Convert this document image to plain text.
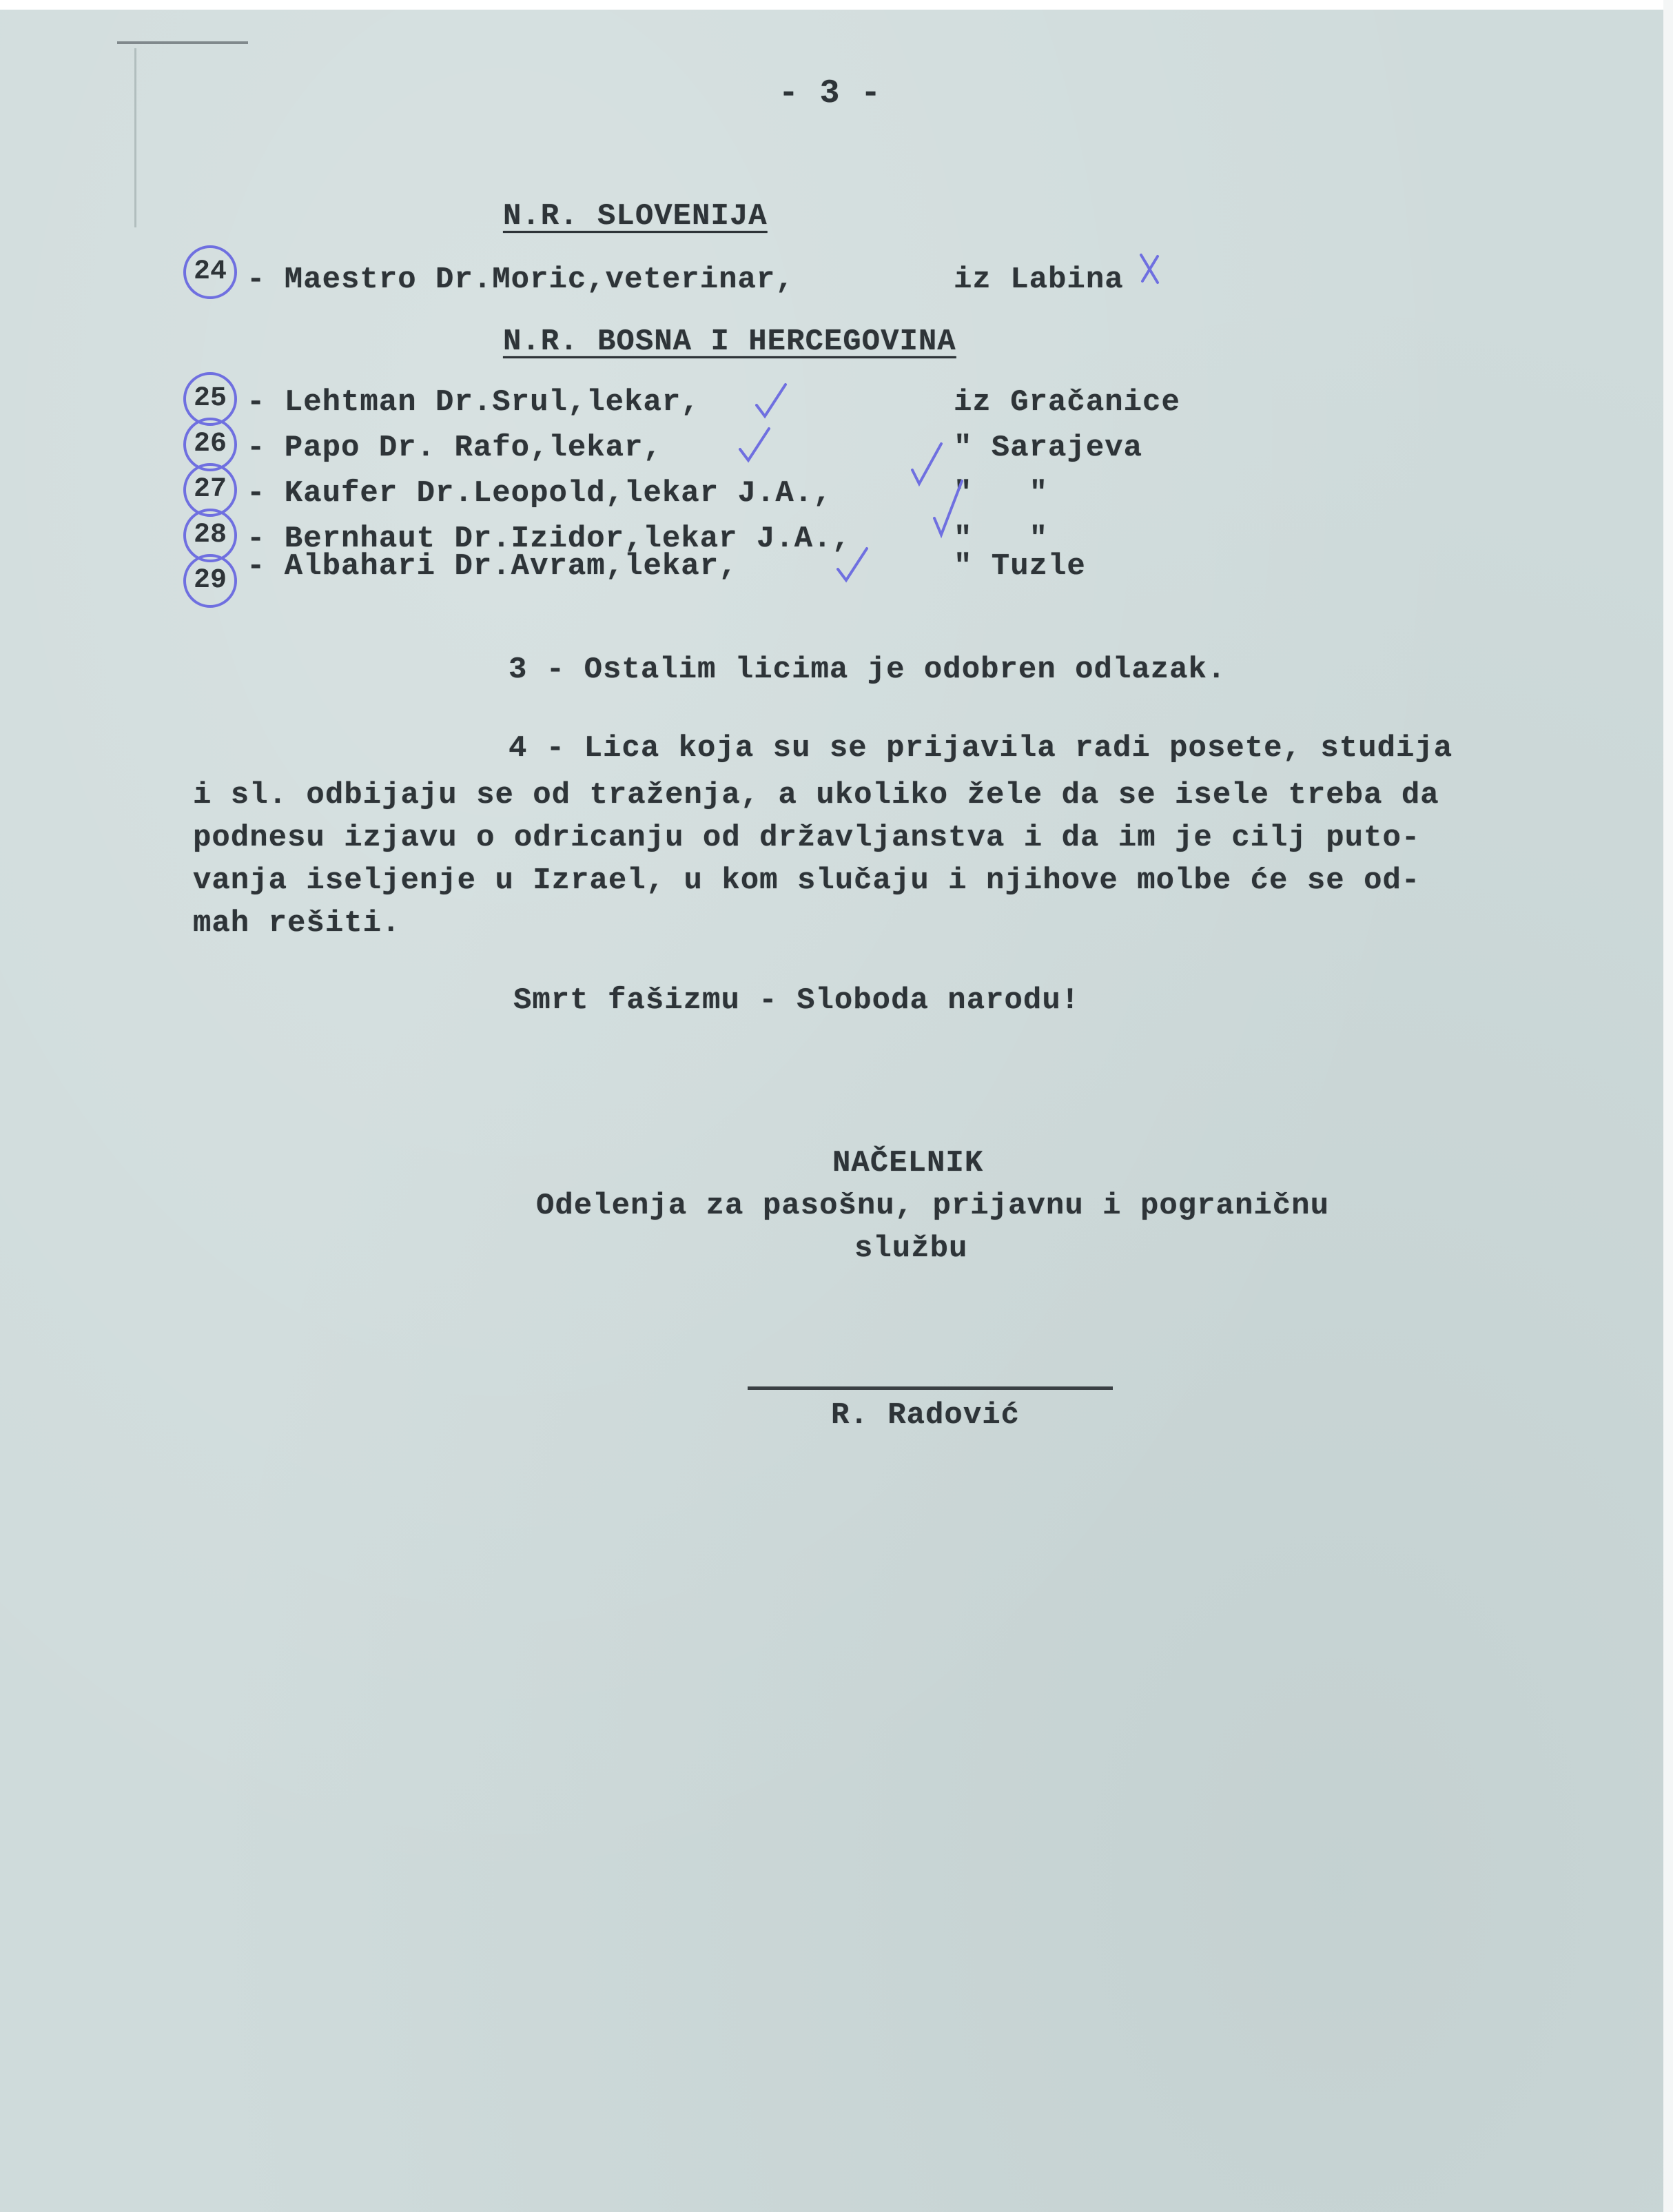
- 3 -
N.R. SLOVENIJA
24 - Maestro Dr.Moric,veterinar,	iz Labina
N.R. BOSNA I HERCEGOVINA
25 - Lehtman Dr.Srul,lekar,	iz Gračanice
26 - Papo Dr. Rafo,lekar,	" Sarajeva
27 - Kaufer Dr.Leopold,lekar J.A.,	"   "
28 - Bernhaut Dr.Izidor,lekar J.A.,	"   "
29 - Albahari Dr.Avram,lekar,	" Tuzle
3 - Ostalim licima je odobren odlazak.
4 - Lica koja su se prijavila radi posete, studija
i sl. odbijaju se od traženja, a ukoliko žele da se isele treba da
podnesu izjavu o odricanju od državljanstva i da im je cilj puto-
vanja iseljenje u Izrael, u kom slučaju i njihove molbe će se od-
mah rešiti.
Smrt fašizmu - Sloboda narodu!
NAČELNIK
Odelenja za pasošnu, prijavnu i pograničnu
službu
R. Radović
